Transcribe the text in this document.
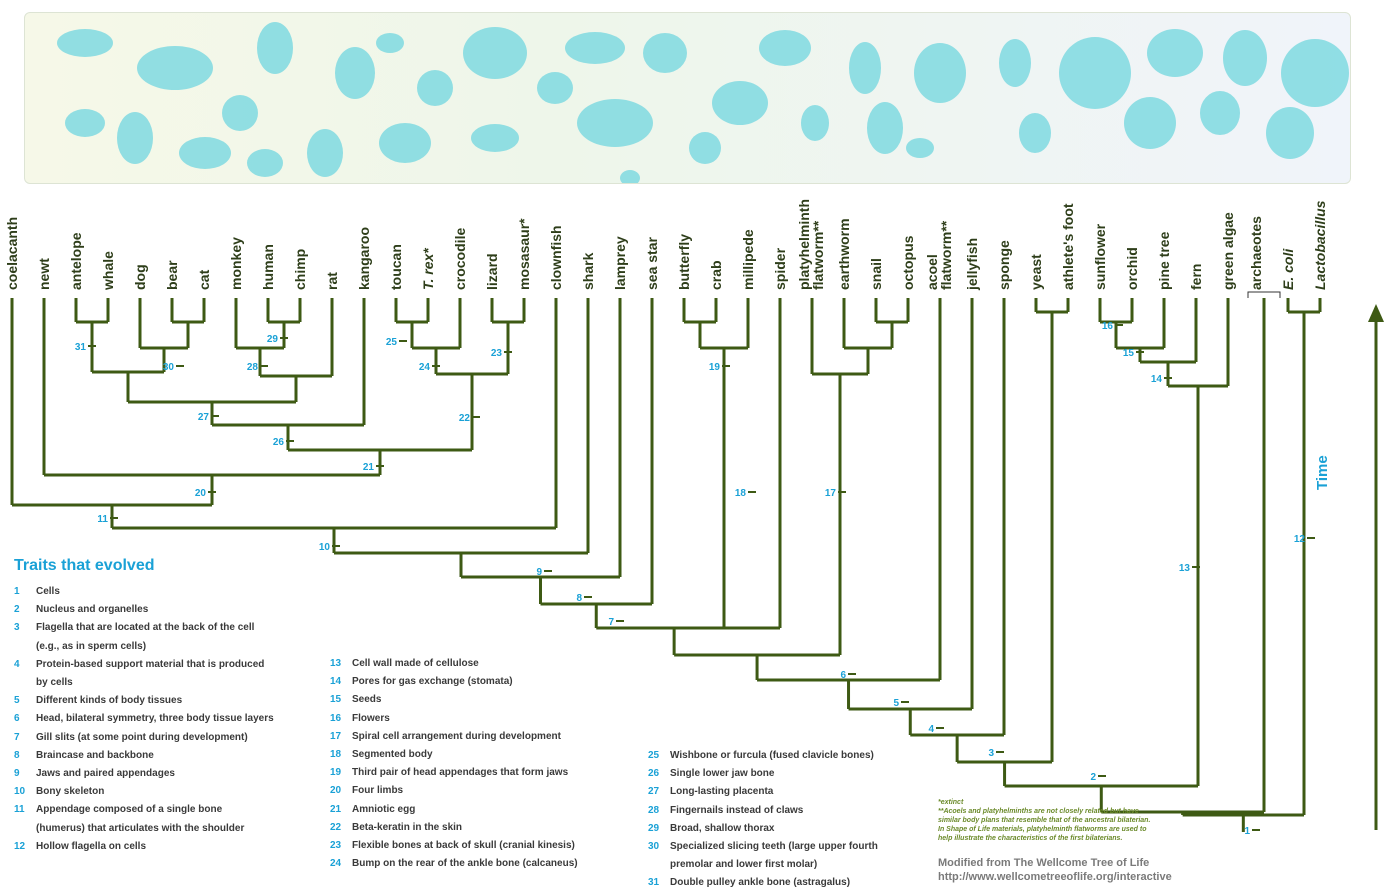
coelacanth newt antelope whale dog bear cat monkey human chimp rat kangaroo toucan T. rex* crocodile lizard mosasaur* clownfish shark lamprey sea star butterfly crab millipede spider platyhelminth
flatworm** earthworm snail octopus acoel
flatworm** jellyfish sponge yeast athlete's foot sunflower orchid pine tree fern green algae archaeotes E. coli Lactobacillus
1
2
3
4
5
6
7
8
9
10
11
12
13
14
15
16
17
18
19
20
21
22
23
24
25
26
27
28
29
30
31
Traits that evolved
1	Cells
2	Nucleus and organelles
3	Flagella that are located at the back of the cell
(e.g., as in sperm cells)
4	Protein-based support material that is produced
by cells
5	Different kinds of body tissues
6	Head, bilateral symmetry, three body tissue layers
7	Gill slits (at some point during development)
8	Braincase and backbone
9	Jaws and paired appendages
10 Bony skeleton
11	Appendage composed of a single bone
(humerus) that articulates with the shoulder
12 Hollow flagella on cells
13 Cell wall made of cellulose
14 Pores for gas exchange (stomata)
15 Seeds
16 Flowers
17 Spiral cell arrangement during development
18 Segmented body
19 Third pair of head appendages that form jaws
20 Four limbs
21 Amniotic egg
22 Beta-keratin in the skin
23 Flexible bones at back of skull (cranial kinesis)
24 Bump on the rear of the ankle bone (calcaneus)
25 Wishbone or furcula (fused clavicle bones)
26 Single lower jaw bone
27 Long-lasting placenta
28 Fingernails instead of claws
29 Broad, shallow thorax
30 Specialized slicing teeth (large upper fourth
premolar and lower first molar)
31 Double pulley ankle bone (astragalus)

*extinct

**Acoels and platyhelminths are not closely related but have

similar body plans that resemble that of the ancestral bilaterian.

In Shape of Life materials, platyhelminth flatworms are used to

help illustrate the characteristics of the first bilaterians.

Modified from The Wellcome Tree of Life

http://www.wellcometreeoflife.org/interactive

Time
